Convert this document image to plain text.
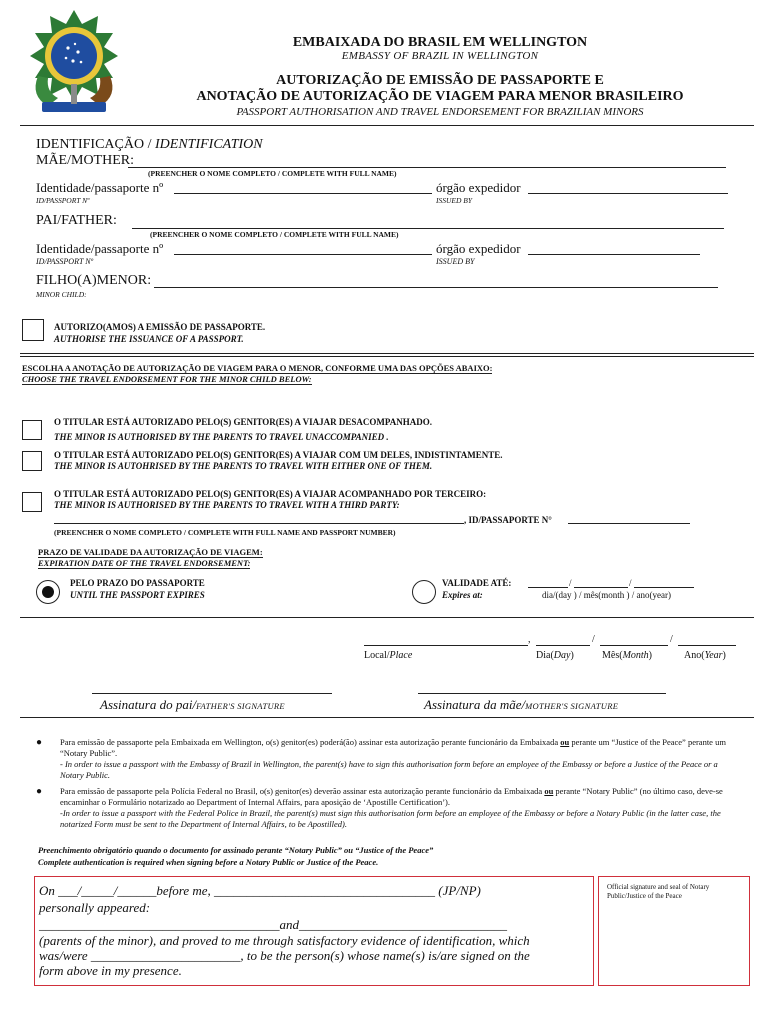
EMBAIXADA DO BRASIL EM WELLINGTON
EMBASSY OF BRAZIL IN WELLINGTON
AUTORIZAÇÃO DE EMISSÃO DE PASSAPORTE E
ANOTAÇÃO DE AUTORIZAÇÃO DE VIAGEM PARA MENOR BRASILEIRO
PASSPORT AUTHORISATION AND TRAVEL ENDORSEMENT FOR BRAZILIAN MINORS
IDENTIFICAÇÃO / IDENTIFICATION
MÃE/MOTHER:
(PREENCHER O NOME COMPLETO / COMPLETE WITH FULL NAME)
Identidade/passaporte nº	órgão expedidor
ID/PASSPORT Nº	ISSUED BY
PAI/FATHER:
(PREENCHER O NOME COMPLETO / COMPLETE WITH FULL NAME)
Identidade/passaporte nº	órgão expedidor
ID/PASSPORT Nº	ISSUED BY
FILHO(A)MENOR:
MINOR CHILD:
AUTORIZO(AMOS) A EMISSÃO DE PASSAPORTE.
AUTHORISE THE ISSUANCE OF A PASSPORT.
ESCOLHA A ANOTAÇÃO DE AUTORIZAÇÃO DE VIAGEM PARA O MENOR, CONFORME UMA DAS OPÇÕES ABAIXO:
CHOOSE THE TRAVEL ENDORSEMENT FOR THE MINOR CHILD BELOW:
O TITULAR ESTÁ AUTORIZADO PELO(S) GENITOR(ES) A VIAJAR DESACOMPANHADO.
THE MINOR IS AUTHORISED BY THE PARENTS TO TRAVEL UNACCOMPANIED .
O TITULAR ESTÁ AUTORIZADO PELO(S) GENITOR(ES) A VIAJAR COM UM DELES, INDISTINTAMENTE.
THE MINOR IS AUTOHRISED BY THE PARENTS TO TRAVEL WITH EITHER ONE OF THEM.
O TITULAR ESTÁ AUTORIZADO PELO(S) GENITOR(ES) A VIAJAR ACOMPANHADO POR TERCEIRO:
THE MINOR IS AUTHORISED BY THE PARENTS TO TRAVEL WITH A THIRD PARTY:
, ID/PASSAPORTE N°
(PREENCHER O NOME COMPLETO / COMPLETE WITH FULL NAME AND PASSPORT NUMBER)
PRAZO DE VALIDADE DA AUTORIZAÇÃO DE VIAGEM:
EXPIRATION DATE OF THE TRAVEL ENDORSEMENT:
PELO PRAZO DO PASSAPORTE
UNTIL THE PASSPORT EXPIRES
VALIDADE ATÉ:	/	/
Expires at:	dia/(day ) / mês(month ) / ano(year)
,	/	/
Local/Place	Dia(Day)	Mês(Month)	Ano(Year)
Assinatura do pai/FATHER'S SIGNATURE	Assinatura da mãe/MOTHER'S SIGNATURE
● Para emissão de passaporte pela Embaixada em Wellington, o(s) genitor(es) poderá(ão) assinar esta autorização perante funcionário da Embaixada ou perante um “Justice of the Peace” perante um “Notary Public”.
- In order to issue a passport with the Embassy of Brazil in Wellington, the parent(s) have to sign this authorisation form before an employee of the Embassy or before a Justice of the Peace or a Notary Public.
● Para emissão de passaporte pela Polícia Federal no Brasil, o(s) genitor(es) deverão assinar esta autorização perante funcionário da Embaixada ou perante “Notary Public” (no último caso, deve-se encaminhar o Formulário notarizado ao Department of Internal Affairs, para aposição de ‘Apostille Certification’).
-In order to issue a passport with the Federal Police in Brazil, the parent(s) must sign this authorisation form before an employee of the Embassy or before a Notary Public (in the latter case, the notarized Form must be sent to the Department of Internal Affairs, to be Apostilled).
Preenchimento obrigatório quando o documento for assinado perante “Notary Public” ou “Justice of the Peace”
Complete authentication is required when signing before a Notary Public or Justice of the Peace.
On ___/_____/______before me, __________________________________ (JP/NP)
personally appeared:
_____________________________________and________________________________
(parents of the minor), and proved to me through satisfactory evidence of identification, which
was/were _______________________, to be the person(s) whose name(s) is/are signed on the
form above in my presence.
Official signature and seal of Notary Public/Justice of the Peace
